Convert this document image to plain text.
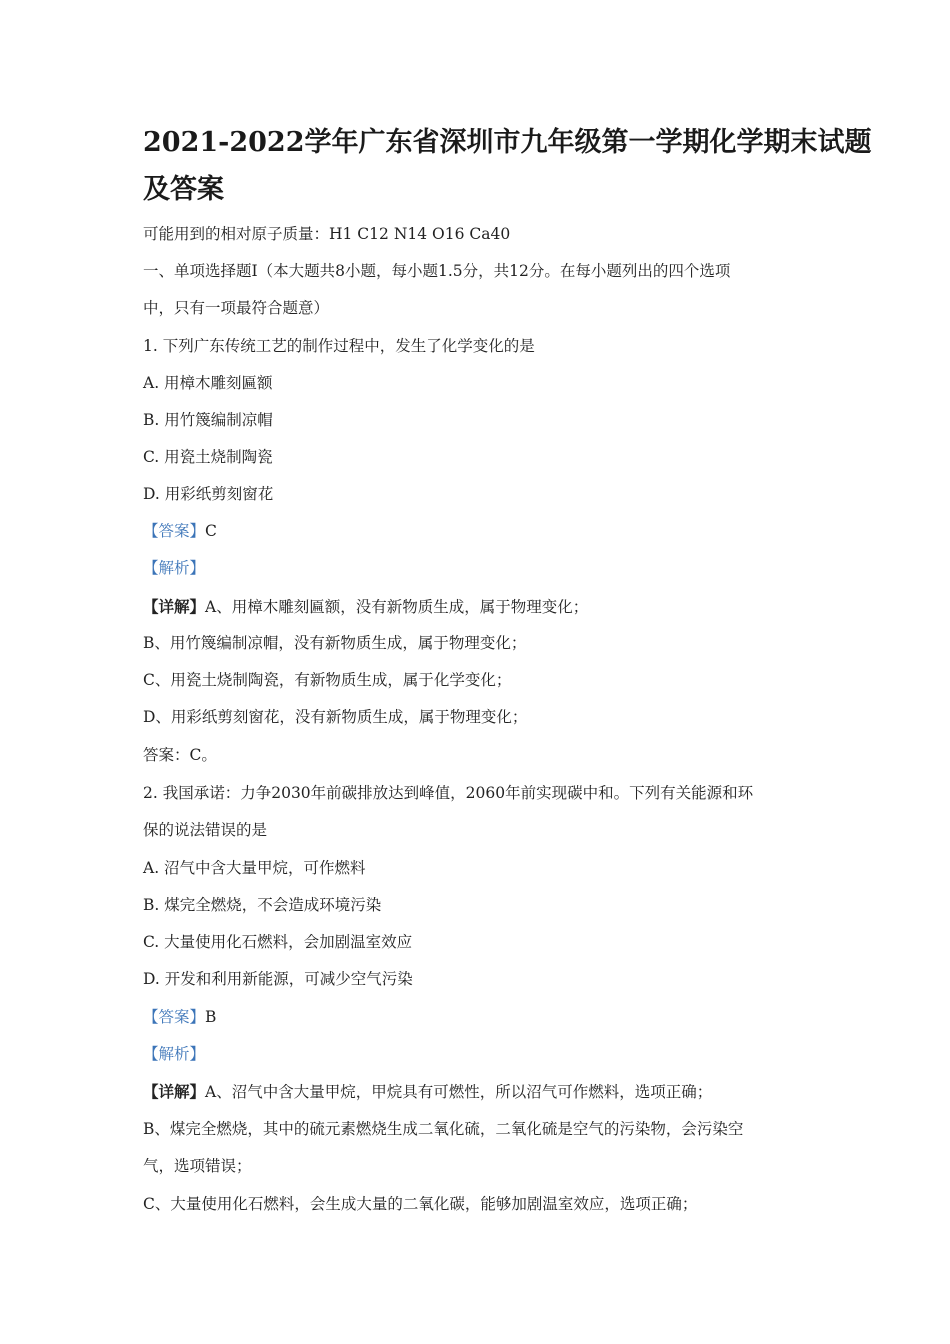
2021-2022学年广东省深圳市九年级第一学期化学期末试题
及答案
可能用到的相对原子质量：H1 C12 N14 O16 Ca40
一、单项选择题Ⅰ（本大题共8小题，每小题1.5分，共12分。在每小题列出的四个选项
中，只有一项最符合题意）
1. 下列广东传统工艺的制作过程中，发生了化学变化的是
A. 用樟木雕刻匾额
B. 用竹篾编制凉帽
C. 用瓷土烧制陶瓷
D. 用彩纸剪刻窗花
【答案】C
【解析】
【详解】A、用樟木雕刻匾额，没有新物质生成，属于物理变化；
B、用竹篾编制凉帽，没有新物质生成，属于物理变化；
C、用瓷土烧制陶瓷，有新物质生成，属于化学变化；
D、用彩纸剪刻窗花，没有新物质生成，属于物理变化；
答案：C。
2. 我国承诺：力争2030年前碳排放达到峰值，2060年前实现碳中和。下列有关能源和环
保的说法错误的是
A. 沼气中含大量甲烷，可作燃料
B. 煤完全燃烧，不会造成环境污染
C. 大量使用化石燃料，会加剧温室效应
D. 开发和利用新能源，可减少空气污染
【答案】B
【解析】
【详解】A、沼气中含大量甲烷，甲烷具有可燃性，所以沼气可作燃料，选项正确；
B、煤完全燃烧，其中的硫元素燃烧生成二氧化硫，二氧化硫是空气的污染物，会污染空
气，选项错误；
C、大量使用化石燃料，会生成大量的二氧化碳，能够加剧温室效应，选项正确；
